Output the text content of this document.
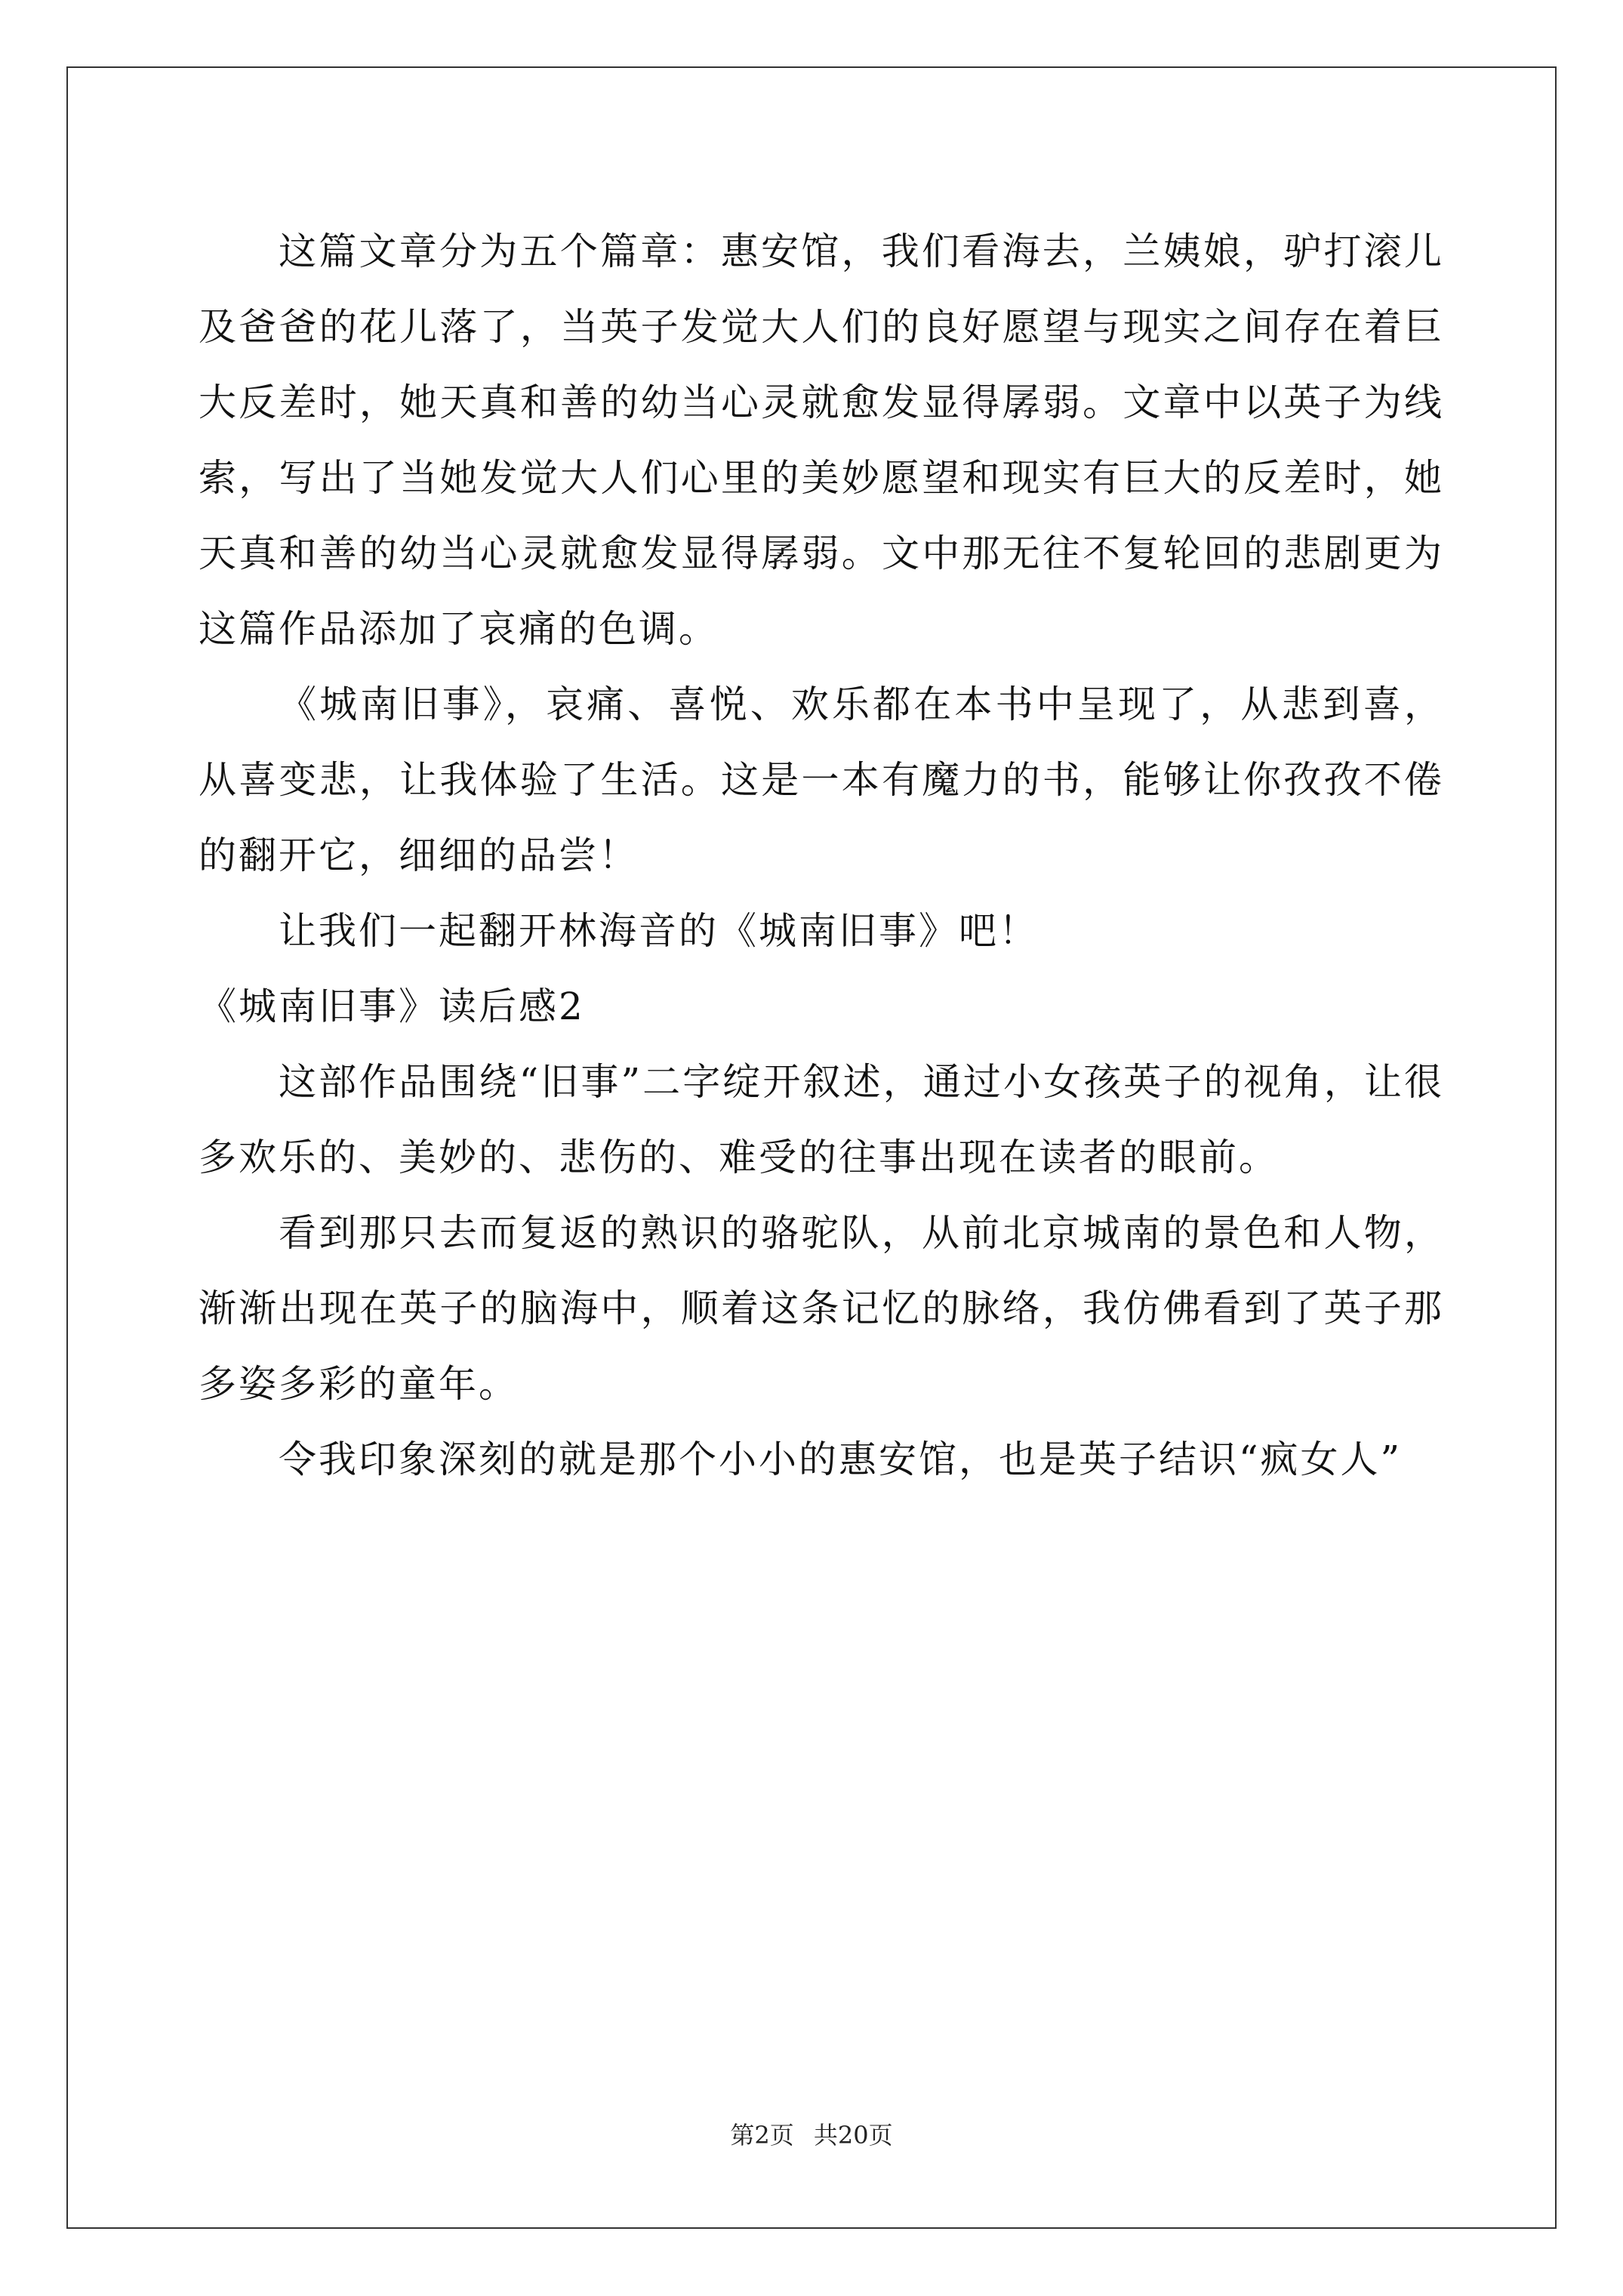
这篇文章分为五个篇章：惠安馆，我们看海去，兰姨娘，驴打滚儿及爸爸的花儿落了，当英子发觉大人们的良好愿望与现实之间存在着巨大反差时，她天真和善的幼当心灵就愈发显得孱弱。文章中以英子为线索，写出了当她发觉大人们心里的美妙愿望和现实有巨大的反差时，她天真和善的幼当心灵就愈发显得孱弱。文中那无往不复轮回的悲剧更为这篇作品添加了哀痛的色调。

《城南旧事》，哀痛、喜悦、欢乐都在本书中呈现了，从悲到喜，从喜变悲，让我体验了生活。这是一本有魔力的书，能够让你孜孜不倦的翻开它，细细的品尝！

让我们一起翻开林海音的《城南旧事》吧！

《城南旧事》读后感2

这部作品围绕“旧事”二字绽开叙述，通过小女孩英子的视角，让很多欢乐的、美妙的、悲伤的、难受的往事出现在读者的眼前。

看到那只去而复返的熟识的骆驼队，从前北京城南的景色和人物，渐渐出现在英子的脑海中，顺着这条记忆的脉络，我仿佛看到了英子那多姿多彩的童年。

令我印象深刻的就是那个小小的惠安馆，也是英子结识“疯女人”

第2页 共20页
